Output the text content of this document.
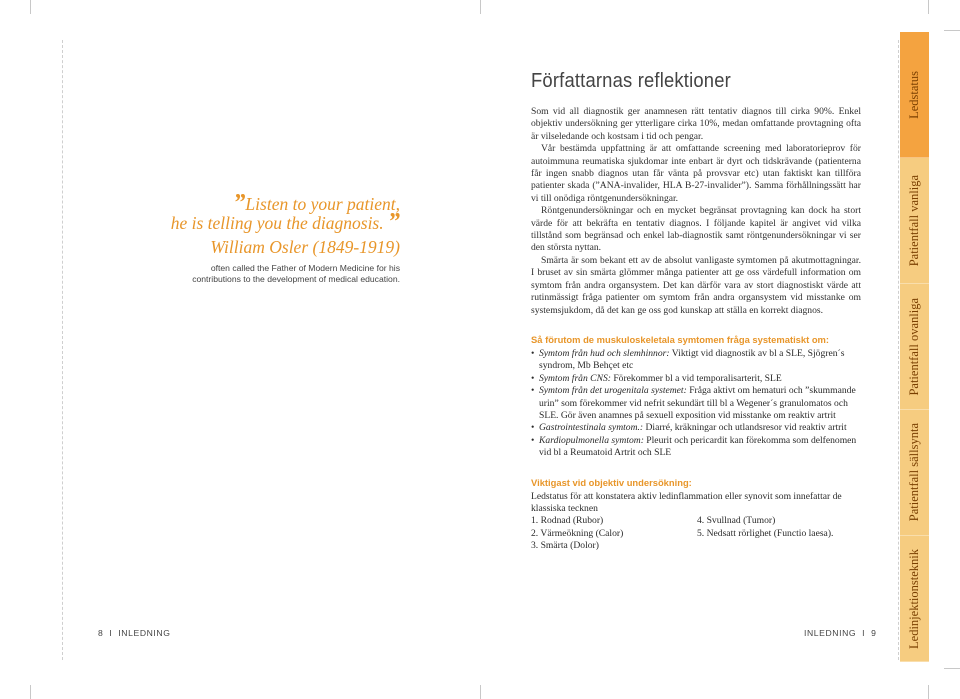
”Listen to your patient,
he is telling you the diagnosis. ”
William Osler (1849-1919)
often called the Father of Modern Medicine for his
contributions to the development of medical education.
8  I  INLEDNING
Författarnas reflektioner

Som vid all diagnostik ger anamnesen rätt tentativ diagnos till cirka 90%. Enkel objektiv undersökning ger ytterligare cirka 10%, medan omfattande provtagning ofta är vilseledande och kostsam i tid och pengar.

Vår bestämda uppfattning är att omfattande screening med laboratorieprov för autoimmuna reumatiska sjukdomar inte enbart är dyrt och tidskrävande (patienterna får ingen snabb diagnos utan får vänta på provsvar etc) utan faktiskt kan tillföra patienter skada (”ANA-invalider, HLA B-27-invalider”). Samma förhållningssätt har vi till onödiga röntgenundersökningar.

Röntgenundersökningar och en mycket begränsat provtagning kan dock ha stort värde för att bekräfta en tentativ diagnos. I följande kapitel är angivet vid vilka tillstånd som begränsad och enkel lab-diagnostik samt röntgenundersökningar vi ser den största nyttan.

Smärta är som bekant ett av de absolut vanligaste symtomen på akutmottagningar. I bruset av sin smärta glömmer många patienter att ge oss värdefull information om symtom från andra organsystem. Det kan därför vara av stort diagnostiskt värde att rutinmässigt fråga patienter om symtom från andra organsystem vid misstanke om systemsjukdom, då det kan ge oss god kunskap att ställa en korrekt diagnos.

Så förutom de muskuloskeletala symtomen fråga systematiskt om:
• Symtom från hud och slemhinnor: Viktigt vid diagnostik av bl a SLE, Sjögren´s syndrom, Mb Behçet etc
• Symtom från CNS: Förekommer bl a vid temporalisarterit, SLE
• Symtom från det urogenitala systemet: Fråga aktivt om hematuri och ”skummande urin” som förekommer vid nefrit sekundärt till bl a Wegener´s granulomatos och SLE. Gör även anamnes på sexuell exposition vid misstanke om reaktiv artrit
• Gastrointestinala symtom.: Diarré, kräkningar och utlandsresor vid reaktiv artrit
• Kardiopulmonella symtom: Pleurit och pericardit kan förekomma som delfenomen vid bl a Reumatoid Artrit och SLE
Viktigast vid objektiv undersökning:
Ledstatus för att konstatera aktiv ledinflammation eller synovit som innefattar de klassiska tecknen
1. Rodnad (Rubor)
2. Värmeökning (Calor)
3. Smärta (Dolor)
4. Svullnad (Tumor)
5. Nedsatt rörlighet (Functio laesa).
INLEDNING  I  9
Ledstatus
Patientfall vanliga
Patientfall ovanliga
Patientfall sällsynta
Ledinjektionsteknik
